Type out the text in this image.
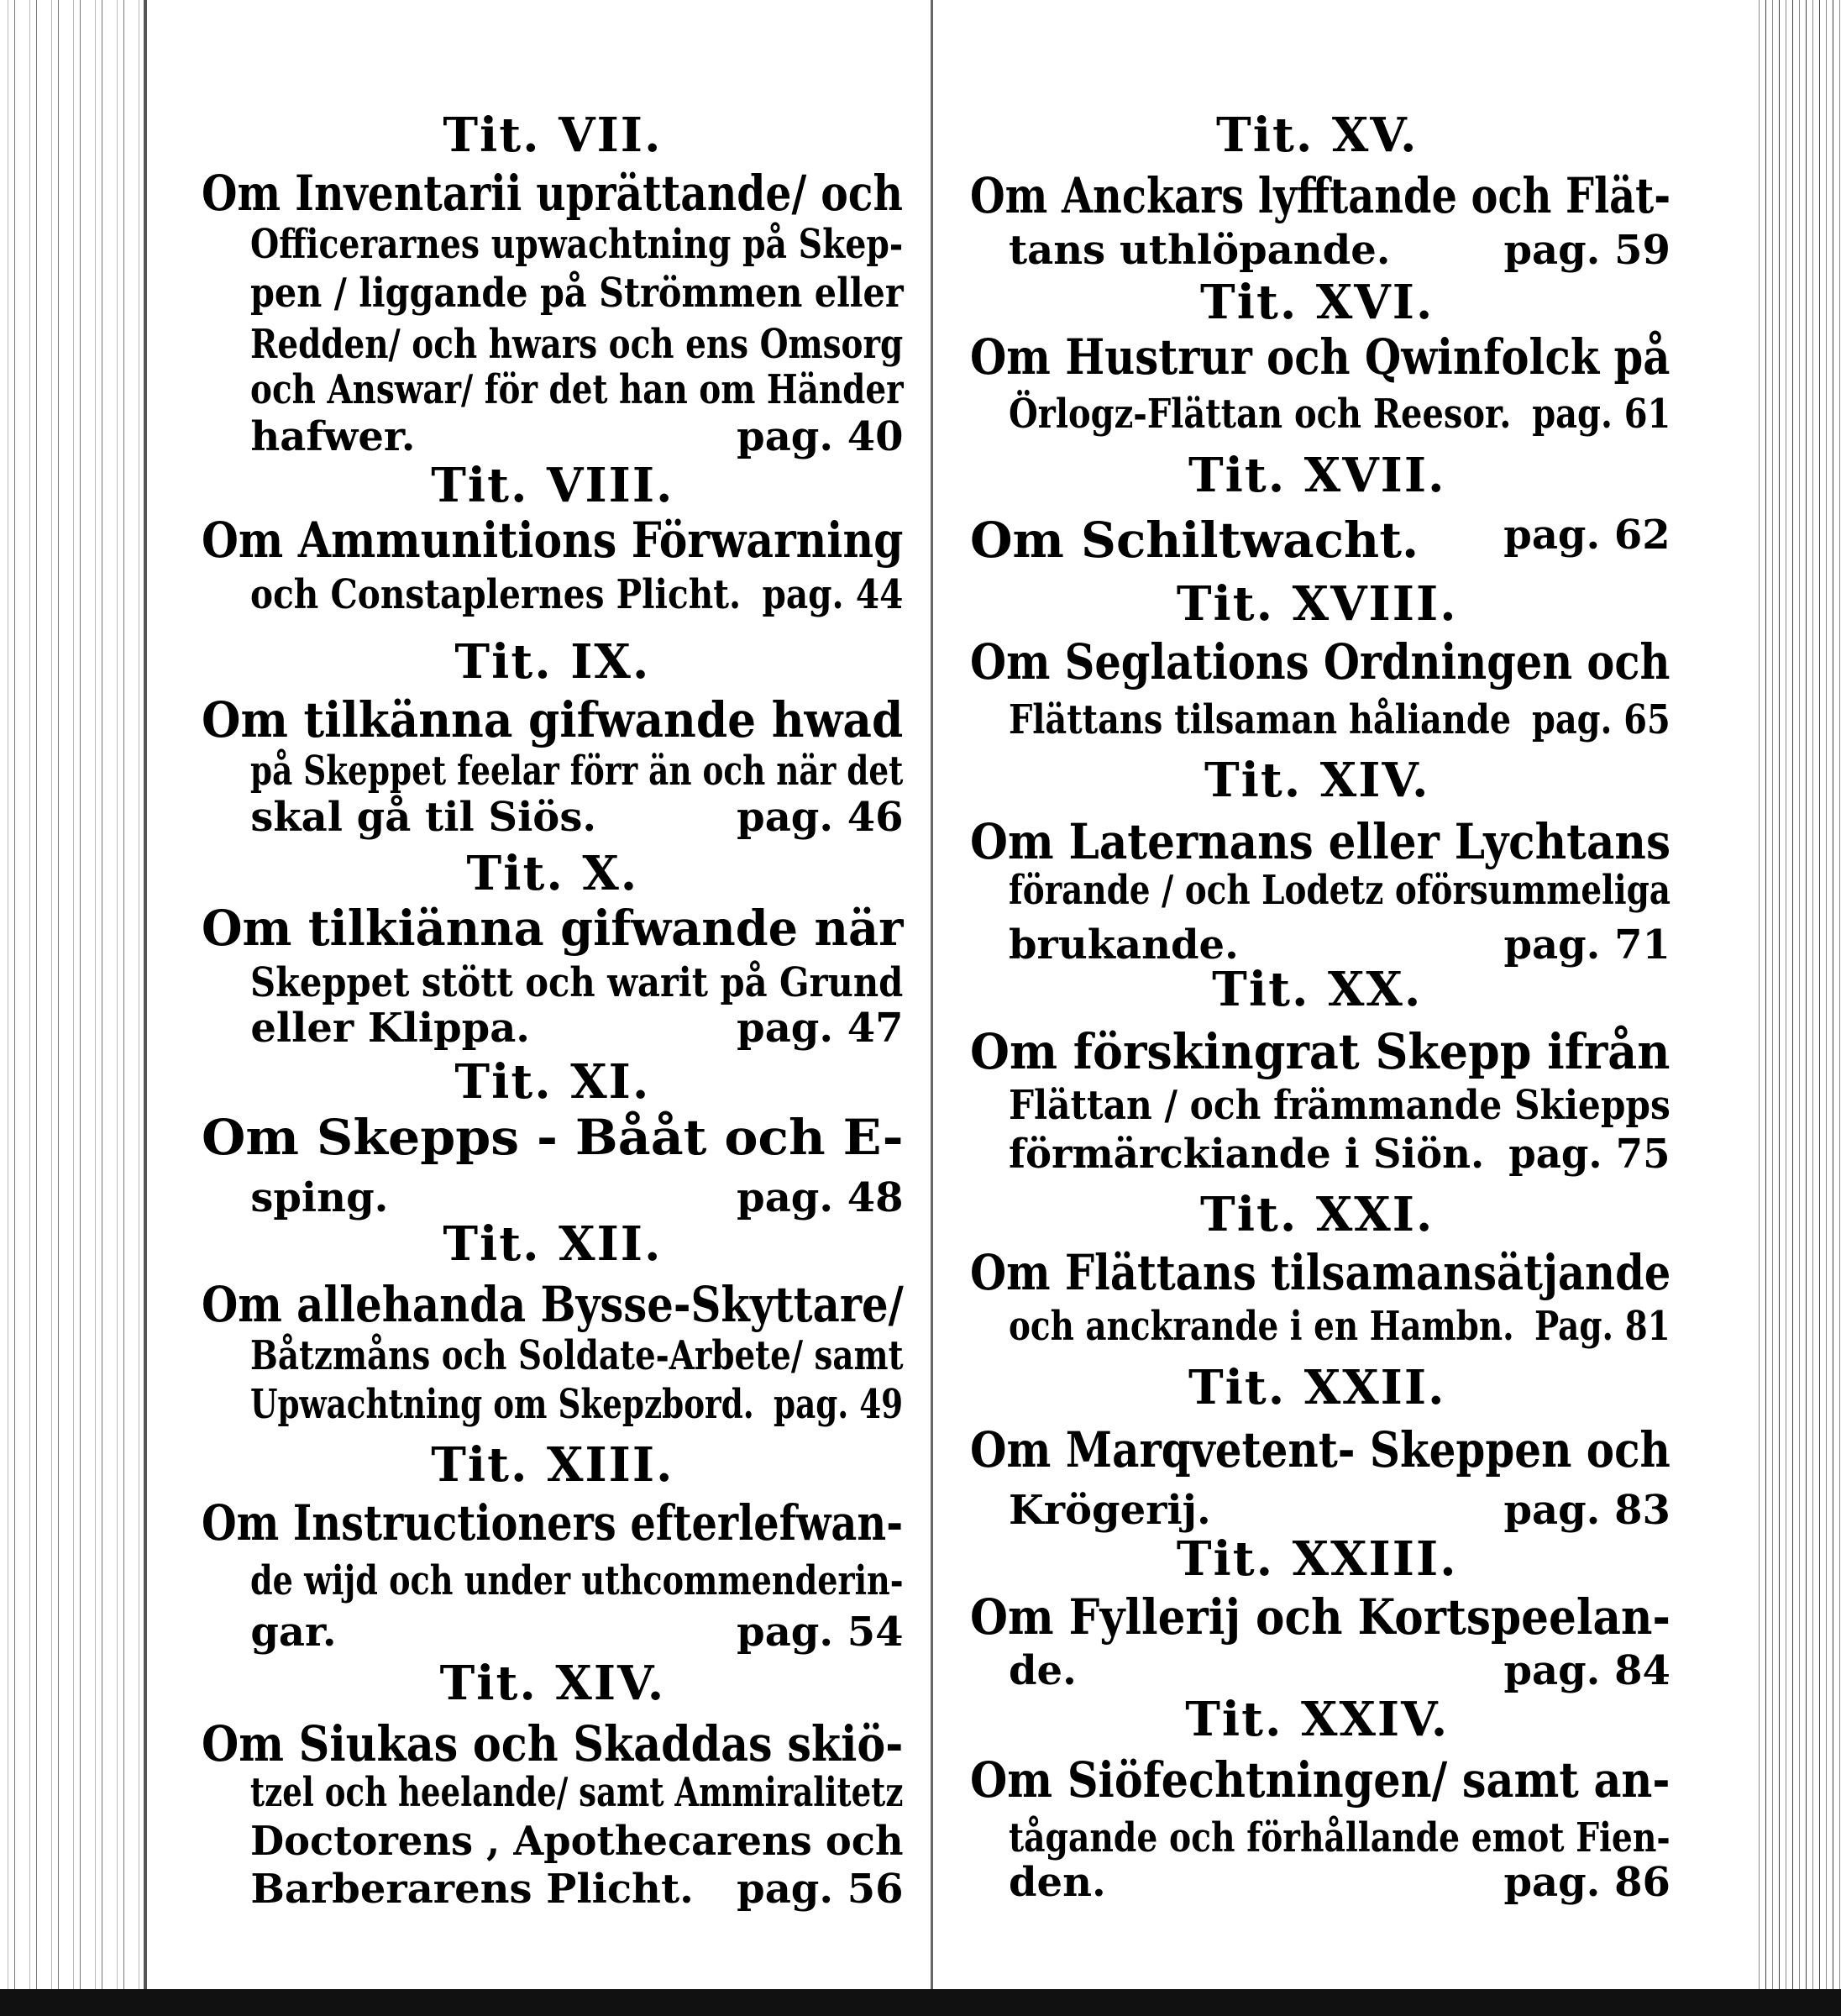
Tit. VII.
Om Inventarii uprättande/ och
Officerarnes upwachtning på Skep-
pen / liggande på Strömmen eller
Redden/ och hwars och ens Omsorg
och Answar/ för det han om Händer
hafwer.	pag. 40
Tit. VIII.
Om Ammunitions Förwarning
och Constaplernes Plicht. pag. 44
Tit. IX.
Om tilkänna gifwande hwad
på Skeppet feelar förr än och när det
skal gå til Siös.	pag. 46
Tit. X.
Om tilkiänna gifwande när
Skeppet stött och warit på Grund
eller Klippa.	pag. 47
Tit. XI.
Om Skepps - Bååt och E-
sping.	pag. 48
Tit. XII.
Om allehanda Bysse-Skyttare/
Båtzmåns och Soldate-Arbete/ samt
Upwachtning om Skepzbord. pag. 49
Tit. XIII.
Om Instructioners efterlefwan-
de wijd och under uthcommenderin-
gar.	pag. 54
Tit. XIV.
Om Siukas och Skaddas skiö-
tzel och heelande/ samt Ammiralitetz
Doctorens , Apothecarens och
Barberarens Plicht. pag. 56
Tit. XV.
Om Anckars lyfftande och Flät-
tans uthlöpande.	pag. 59
Tit. XVI.
Om Hustrur och Qwinfolck på
Örlogz-Flättan och Reesor. pag. 61
Tit. XVII.
Om Schiltwacht. pag. 62
Tit. XVIII.
Om Seglations Ordningen och
Flättans tilsaman håliande pag. 65
Tit. XIV.
Om Laternans eller Lychtans
förande / och Lodetz oförsummeliga
brukande.	pag. 71
Tit. XX.
Om förskingrat Skepp ifrån
Flättan / och främmande Skiepps
förmärckiande i Siön. pag. 75
Tit. XXI.
Om Flättans tilsamansätjande
och anckrande i en Hambn. Pag. 81
Tit. XXII.
Om Marqvetent- Skeppen och
Krögerij.	pag. 83
Tit. XXIII.
Om Fyllerij och Kortspeelan-
de.	pag. 84
Tit. XXIV.
Om Siöfechtningen/ samt an-
tågande och förhållande emot Fien-
den.	pag. 86
